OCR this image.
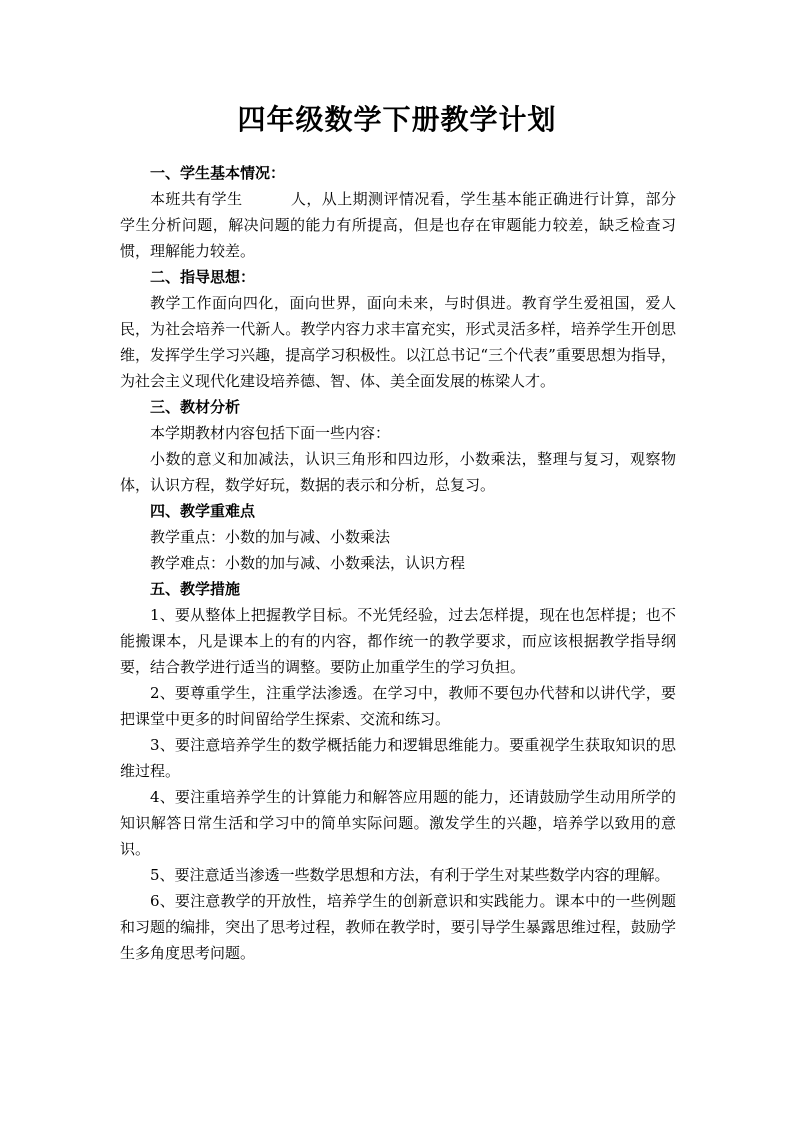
四年级数学下册教学计划

一、学生基本情况：

本班共有学生	人，从上期测评情况看，学生基本能正确进行计算，部分学生分析问题，解决问题的能力有所提高，但是也存在审题能力较差，缺乏检查习惯，理解能力较差。

二、指导思想：

教学工作面向四化，面向世界，面向未来，与时俱进。教育学生爱祖国，爱人民，为社会培养一代新人。教学内容力求丰富充实，形式灵活多样，培养学生开创思维，发挥学生学习兴趣，提高学习积极性。以江总书记“三个代表”重要思想为指导，为社会主义现代化建设培养德、智、体、美全面发展的栋梁人才。

三、教材分析

本学期教材内容包括下面一些内容：

小数的意义和加减法，认识三角形和四边形，小数乘法，整理与复习，观察物体，认识方程，数学好玩，数据的表示和分析，总复习。

四、教学重难点

教学重点：小数的加与减、小数乘法

教学难点：小数的加与减、小数乘法，认识方程

五、教学措施

1、要从整体上把握教学目标。不光凭经验，过去怎样提，现在也怎样提；也不能搬课本，凡是课本上的有的内容，都作统一的教学要求，而应该根据教学指导纲要，结合教学进行适当的调整。要防止加重学生的学习负担。

2、要尊重学生，注重学法渗透。在学习中，教师不要包办代替和以讲代学，要把课堂中更多的时间留给学生探索、交流和练习。

3、要注意培养学生的数学概括能力和逻辑思维能力。要重视学生获取知识的思维过程。

4、要注重培养学生的计算能力和解答应用题的能力，还请鼓励学生动用所学的知识解答日常生活和学习中的简单实际问题。激发学生的兴趣，培养学以致用的意识。

5、要注意适当渗透一些数学思想和方法，有利于学生对某些数学内容的理解。

6、要注意教学的开放性，培养学生的创新意识和实践能力。课本中的一些例题和习题的编排，突出了思考过程，教师在教学时，要引导学生暴露思维过程，鼓励学生多角度思考问题。
